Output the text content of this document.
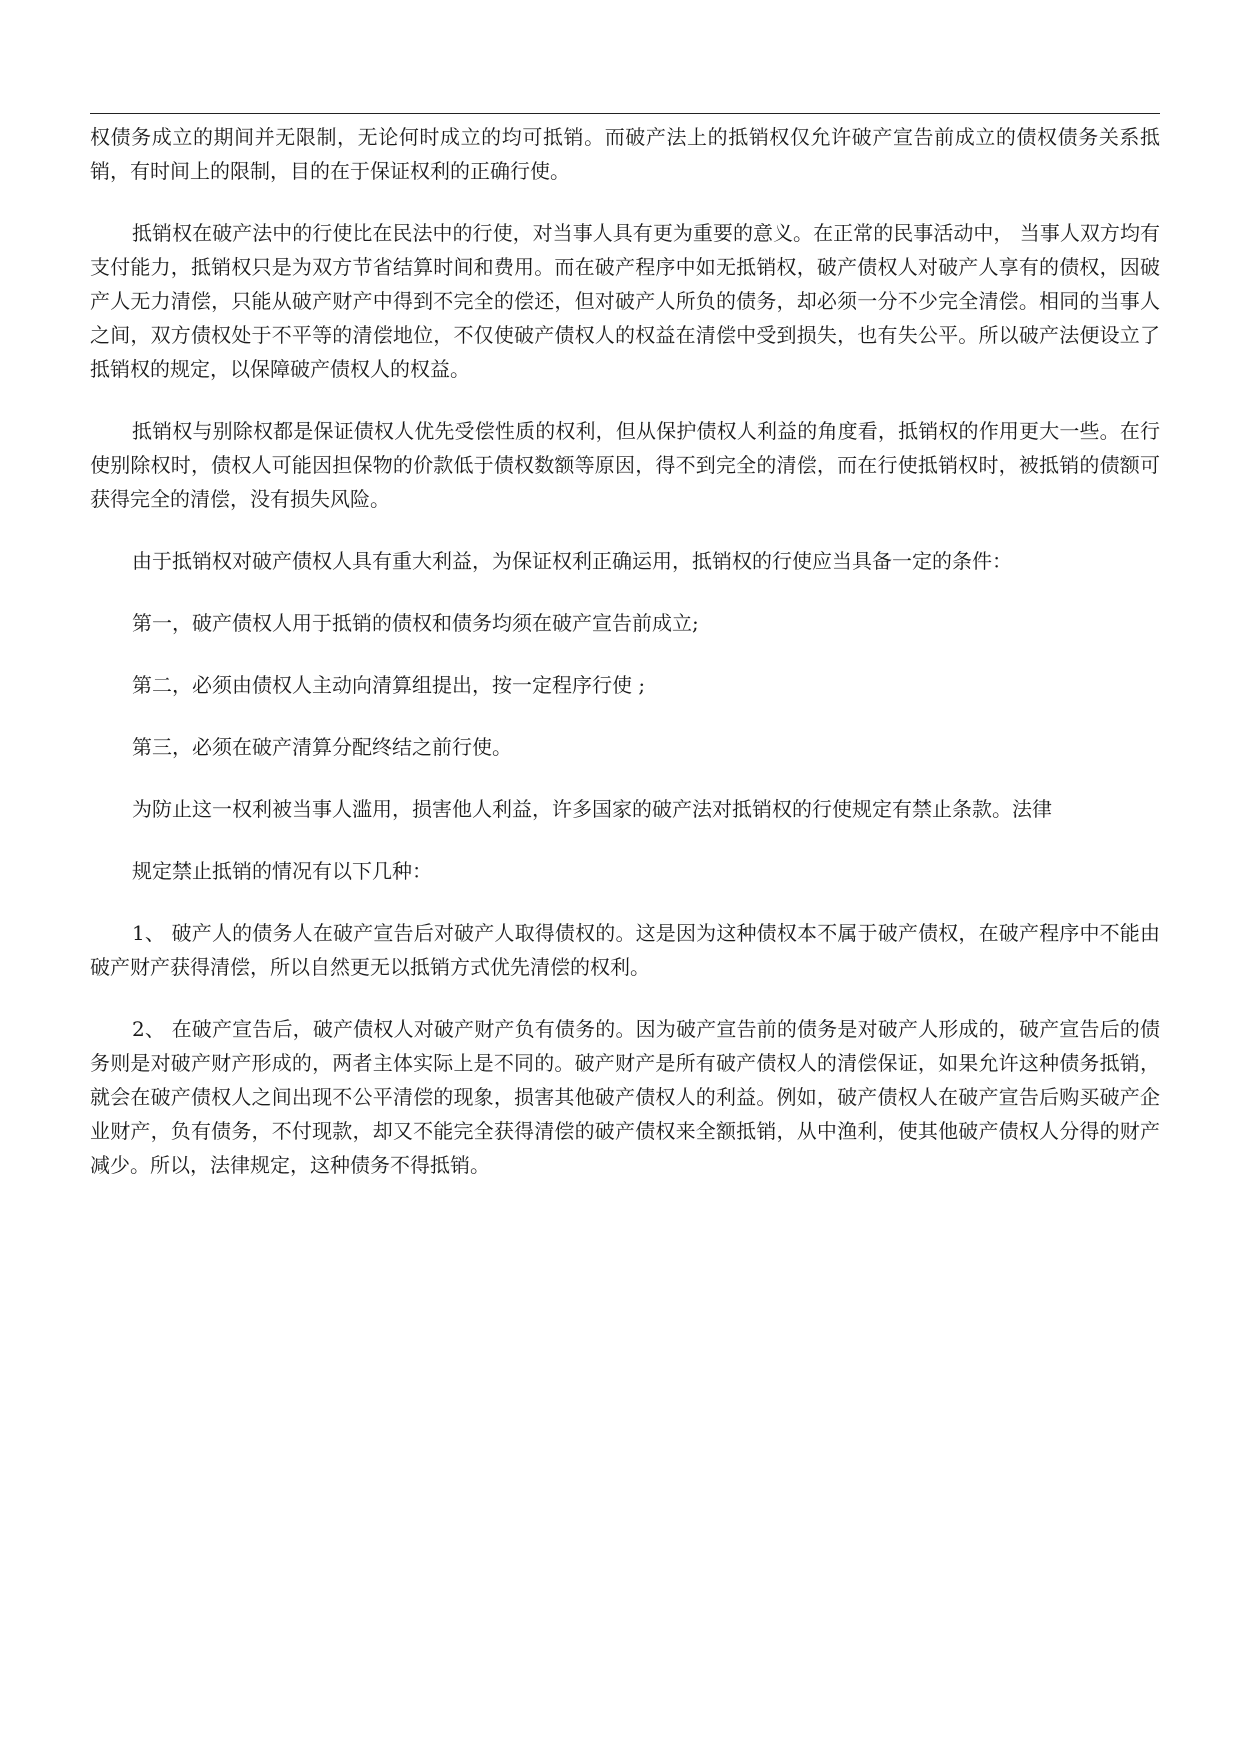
权债务成立的期间并无限制，无论何时成立的均可抵销。而破产法上的抵销权仅允许破产宣告前成立的债权债务关系抵销，有时间上的限制，目的在于保证权利的正确行使。

抵销权在破产法中的行使比在民法中的行使，对当事人具有更为重要的意义。在正常的民事活动中， 当事人双方均有支付能力，抵销权只是为双方节省结算时间和费用。而在破产程序中如无抵销权，破产债权人对破产人享有的债权，因破产人无力清偿，只能从破产财产中得到不完全的偿还，但对破产人所负的债务，却必须一分不少完全清偿。相同的当事人之间，双方债权处于不平等的清偿地位，不仅使破产债权人的权益在清偿中受到损失，也有失公平。所以破产法便设立了抵销权的规定，以保障破产债权人的权益。

抵销权与别除权都是保证债权人优先受偿性质的权利，但从保护债权人利益的角度看，抵销权的作用更大一些。在行使别除权时，债权人可能因担保物的价款低于债权数额等原因，得不到完全的清偿，而在行使抵销权时，被抵销的债额可获得完全的清偿，没有损失风险。

由于抵销权对破产债权人具有重大利益，为保证权利正确运用，抵销权的行使应当具备一定的条件：

第一，破产债权人用于抵销的债权和债务均须在破产宣告前成立;

第二，必须由债权人主动向清算组提出，按一定程序行使 ;

第三，必须在破产清算分配终结之前行使。

为防止这一权利被当事人滥用，损害他人利益，许多国家的破产法对抵销权的行使规定有禁止条款。法律

规定禁止抵销的情况有以下几种：

1、 破产人的债务人在破产宣告后对破产人取得债权的。这是因为这种债权本不属于破产债权，在破产程序中不能由破产财产获得清偿，所以自然更无以抵销方式优先清偿的权利。

2、 在破产宣告后，破产债权人对破产财产负有债务的。因为破产宣告前的债务是对破产人形成的，破产宣告后的债务则是对破产财产形成的，两者主体实际上是不同的。破产财产是所有破产债权人的清偿保证，如果允许这种债务抵销，就会在破产债权人之间出现不公平清偿的现象，损害其他破产债权人的利益。例如，破产债权人在破产宣告后购买破产企业财产，负有债务，不付现款，却又不能完全获得清偿的破产债权来全额抵销，从中渔利，使其他破产债权人分得的财产减少。所以，法律规定，这种债务不得抵销。
